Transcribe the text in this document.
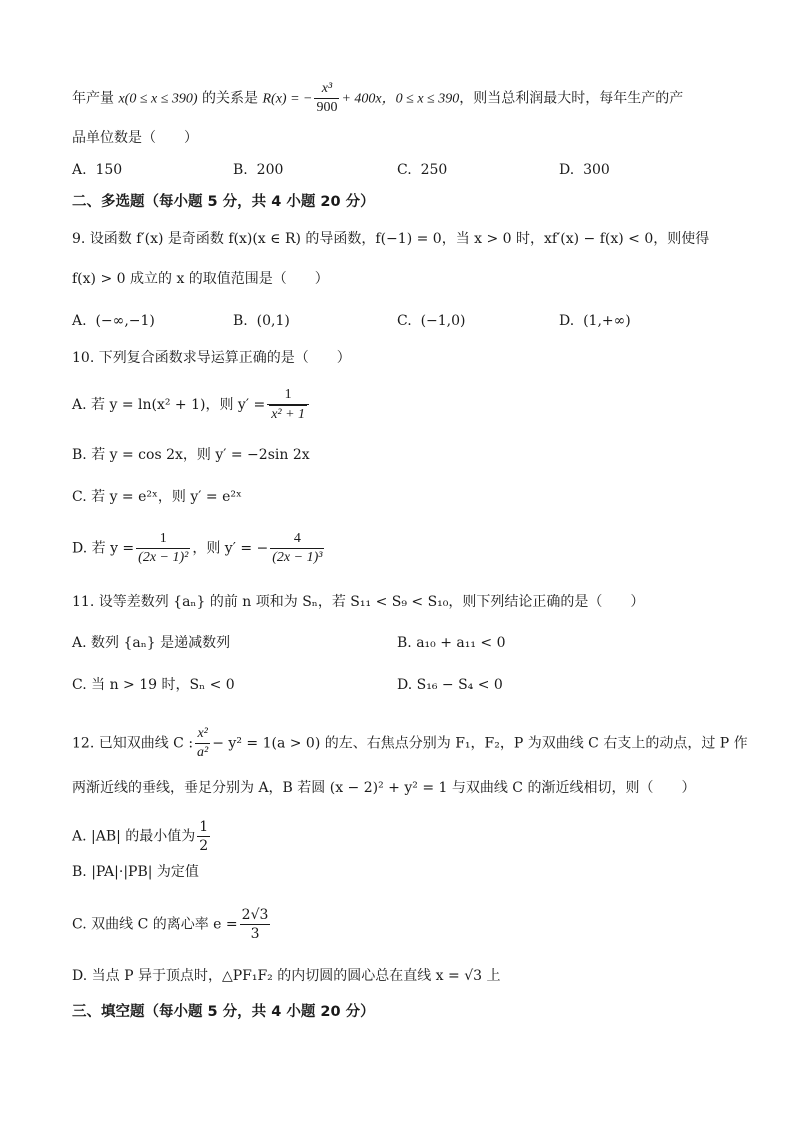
年产量 x(0 ≤ x ≤ 390) 的关系是 R(x) = − $\frac{\text{x³}}{900} + 400x$，0 ≤ x ≤ 390，则当总利润最大时，每年生产的产
品单位数是（　　）
A. 150	B. 200	C. 250	D. 300
二、多选题（每小题 5 分，共 4 小题 20 分）
9. 设函数 f′(x) 是奇函数 f(x)(x ∈ R) 的导函数，f(−1) = 0，当 x > 0 时，xf′(x) − f(x) < 0，则使得
f(x) > 0 成立的 x 的取值范围是（　　）
A. (−∞,−1)	B. (0,1)	C. (−1,0)	D. (1,+∞)
10. 下列复合函数求导运算正确的是（　　）
A. 若 y = ln(x² + 1)，则 $y' = \frac{1}{\text{x² + 1}}$
B. 若 y = cos 2x，则 y′ = −2sin 2x
C. 若 y = e²ˣ，则 y′ = e²ˣ
D. 若 $y = \frac{1}{\text{(2x − 1)²}}$ ，则 y′ = − $\frac{4}{\text{(2x − 1)³}}$
11. 设等差数列 {aₙ} 的前 n 项和为 Sₙ，若 S₁₁ < S₉ < S₁₀，则下列结论正确的是（　　）
A. 数列 {aₙ} 是递减数列	B. a₁₀ + a₁₁ < 0
C. 当 n > 19 时，Sₙ < 0	D. S₁₆ − S₄ < 0
12. 已知双曲线 C : $\frac{\text{x²}}{\text{a²}} - y^2 = 1(a > 0)$ 的左、右焦点分别为 F₁，F₂，P 为双曲线 C 右支上的动点，过 P 作
两渐近线的垂线，垂足分别为 A，B 若圆 (x − 2)² + y² = 1 与双曲线 C 的渐近线相切，则（　　）
A. |AB| 的最小值为 $\frac{1}{2}$
B. |PA|·|PB| 为定值
C. 双曲线 C 的离心率 $e = \frac{2√3}{3}$
D. 当点 P 异于顶点时，△PF₁F₂ 的内切圆的圆心总在直线 x = √3 上
三、填空题（每小题 5 分，共 4 小题 20 分）
